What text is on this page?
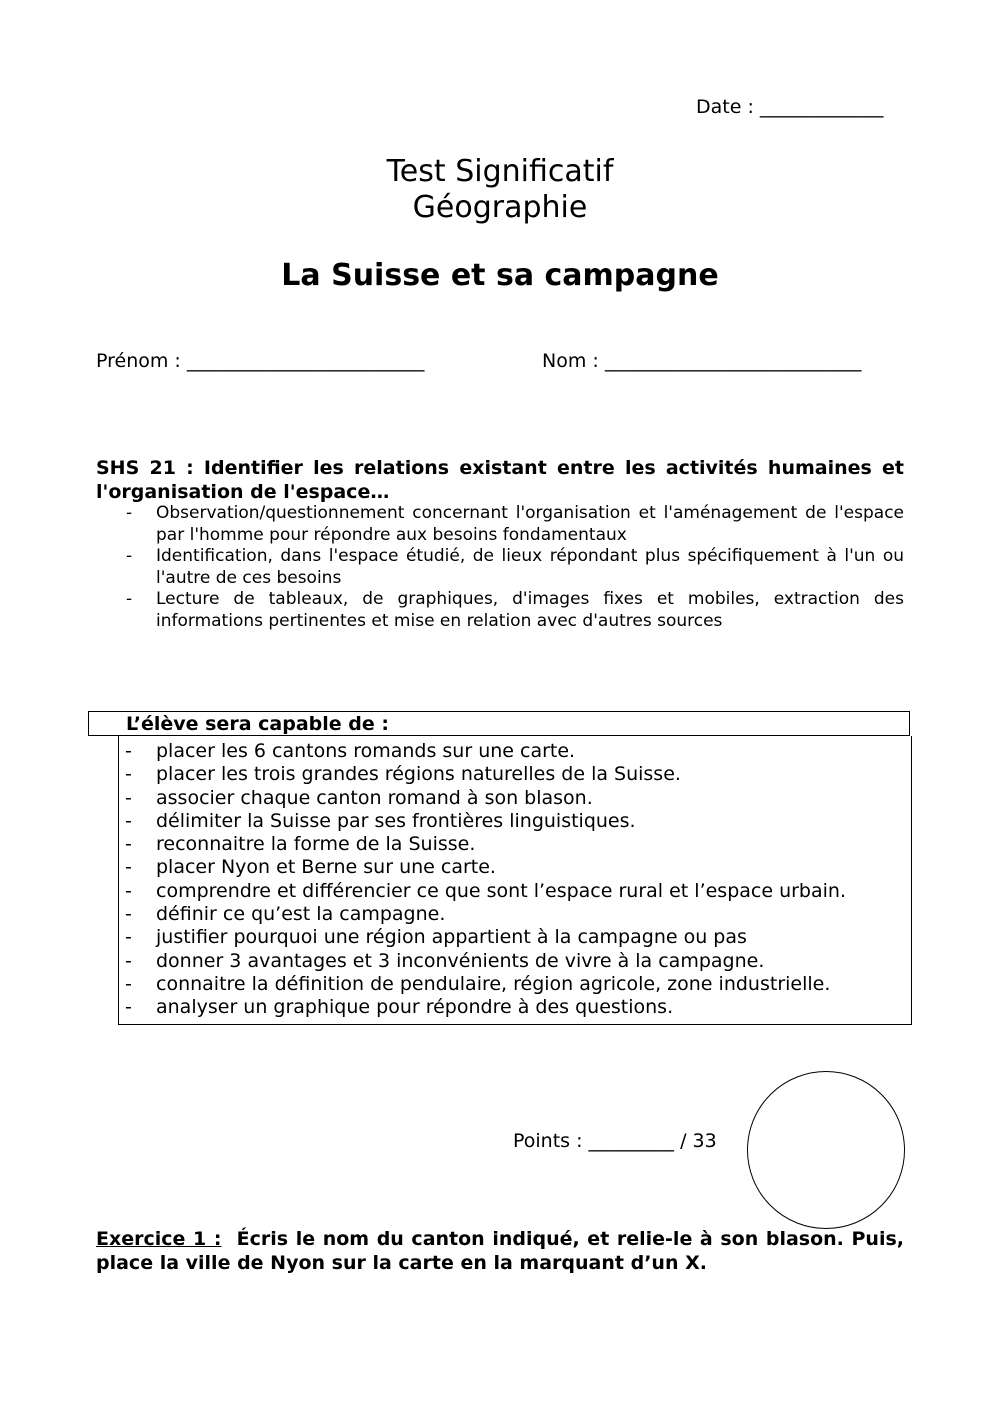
Date : _____________
Test Significatif
Géographie
La Suisse et sa campagne
Prénom : _________________________	Nom : ___________________________
SHS 21 : Identifier les relations existant entre les activités humaines et l'organisation de l'espace…
- Observation/questionnement concernant l'organisation et l'aménagement de l'espace par l'homme pour répondre aux besoins fondamentaux
- Identification, dans l'espace étudié, de lieux répondant plus spécifiquement à l'un ou l'autre de ces besoins
- Lecture de tableaux, de graphiques, d'images fixes et mobiles, extraction des informations pertinentes et mise en relation avec d'autres sources
L’élève sera capable de :
- placer les 6 cantons romands sur une carte.
- placer les trois grandes régions naturelles de la Suisse.
- associer chaque canton romand à son blason.
- délimiter la Suisse par ses frontières linguistiques.
- reconnaitre la forme de la Suisse.
- placer Nyon et Berne sur une carte.
- comprendre et différencier ce que sont l’espace rural et l’espace urbain.
- définir ce qu’est la campagne.
- justifier pourquoi une région appartient à la campagne ou pas
- donner 3 avantages et 3 inconvénients de vivre à la campagne.
- connaitre la définition de pendulaire, région agricole, zone industrielle.
- analyser un graphique pour répondre à des questions.
Points : _________ / 33
Exercice 1 : Écris le nom du canton indiqué, et relie-le à son blason. Puis, place la ville de Nyon sur la carte en la marquant d’un X.
